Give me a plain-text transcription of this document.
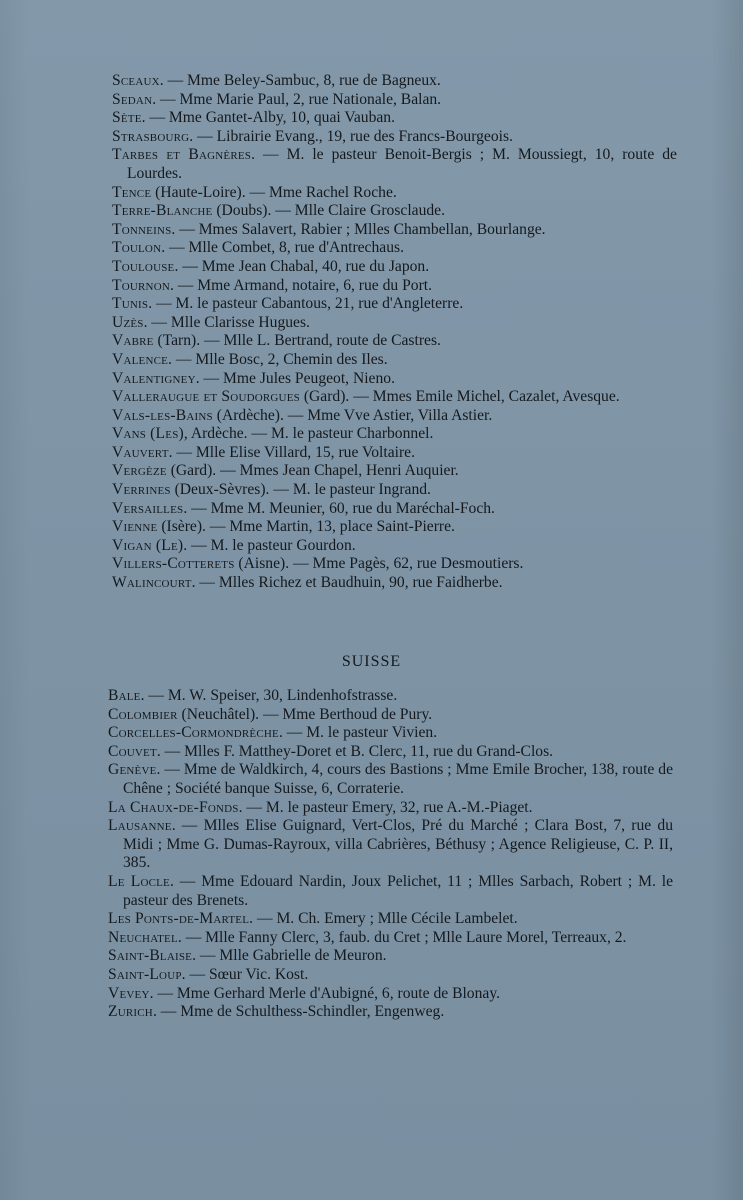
Sceaux. — Mme Beley-Sambuc, 8, rue de Bagneux.
Sedan. — Mme Marie Paul, 2, rue Nationale, Balan.
Sète. — Mme Gantet-Alby, 10, quai Vauban.
Strasbourg. — Librairie Evang., 19, rue des Francs-Bourgeois.
Tarbes et Bagnères. — M. le pasteur Benoit-Bergis ; M. Moussiegt, 10, route de Lourdes.
Tence (Haute-Loire). — Mme Rachel Roche.
Terre-Blanche (Doubs). — Mlle Claire Grosclaude.
Tonneins. — Mmes Salavert, Rabier ; Mlles Chambellan, Bourlange.
Toulon. — Mlle Combet, 8, rue d'Antrechaus.
Toulouse. — Mme Jean Chabal, 40, rue du Japon.
Tournon. — Mme Armand, notaire, 6, rue du Port.
Tunis. — M. le pasteur Cabantous, 21, rue d'Angleterre.
Uzès. — Mlle Clarisse Hugues.
Vabre (Tarn). — Mlle L. Bertrand, route de Castres.
Valence. — Mlle Bosc, 2, Chemin des Iles.
Valentigney. — Mme Jules Peugeot, Nieno.
Valleraugue et Soudorgues (Gard). — Mmes Emile Michel, Cazalet, Avesque.
Vals-les-Bains (Ardèche). — Mme Vve Astier, Villa Astier.
Vans (Les), Ardèche. — M. le pasteur Charbonnel.
Vauvert. — Mlle Elise Villard, 15, rue Voltaire.
Vergèze (Gard). — Mmes Jean Chapel, Henri Auquier.
Verrines (Deux-Sèvres). — M. le pasteur Ingrand.
Versailles. — Mme M. Meunier, 60, rue du Maréchal-Foch.
Vienne (Isère). — Mme Martin, 13, place Saint-Pierre.
Vigan (Le). — M. le pasteur Gourdon.
Villers-Cotterets (Aisne). — Mme Pagès, 62, rue Desmoutiers.
Walincourt. — Mlles Richez et Baudhuin, 90, rue Faidherbe.
SUISSE
Bale. — M. W. Speiser, 30, Lindenhofstrasse.
Colombier (Neuchâtel). — Mme Berthoud de Pury.
Corcelles-Cormondrèche. — M. le pasteur Vivien.
Couvet. — Mlles F. Matthey-Doret et B. Clerc, 11, rue du Grand-Clos.
Genève. — Mme de Waldkirch, 4, cours des Bastions ; Mme Emile Brocher, 138, route de Chêne ; Société banque Suisse, 6, Corraterie.
La Chaux-de-Fonds. — M. le pasteur Emery, 32, rue A.-M.-Piaget.
Lausanne. — Mlles Elise Guignard, Vert-Clos, Pré du Marché ; Clara Bost, 7, rue du Midi ; Mme G. Dumas-Rayroux, villa Cabrières, Béthusy ; Agence Religieuse, C. P. II, 385.
Le Locle. — Mme Edouard Nardin, Joux Pelichet, 11 ; Mlles Sarbach, Robert ; M. le pasteur des Brenets.
Les Ponts-de-Martel. — M. Ch. Emery ; Mlle Cécile Lambelet.
Neuchatel. — Mlle Fanny Clerc, 3, faub. du Cret ; Mlle Laure Morel, Terreaux, 2.
Saint-Blaise. — Mlle Gabrielle de Meuron.
Saint-Loup. — Sœur Vic. Kost.
Vevey. — Mme Gerhard Merle d'Aubigné, 6, route de Blonay.
Zurich. — Mme de Schulthess-Schindler, Engenweg.
